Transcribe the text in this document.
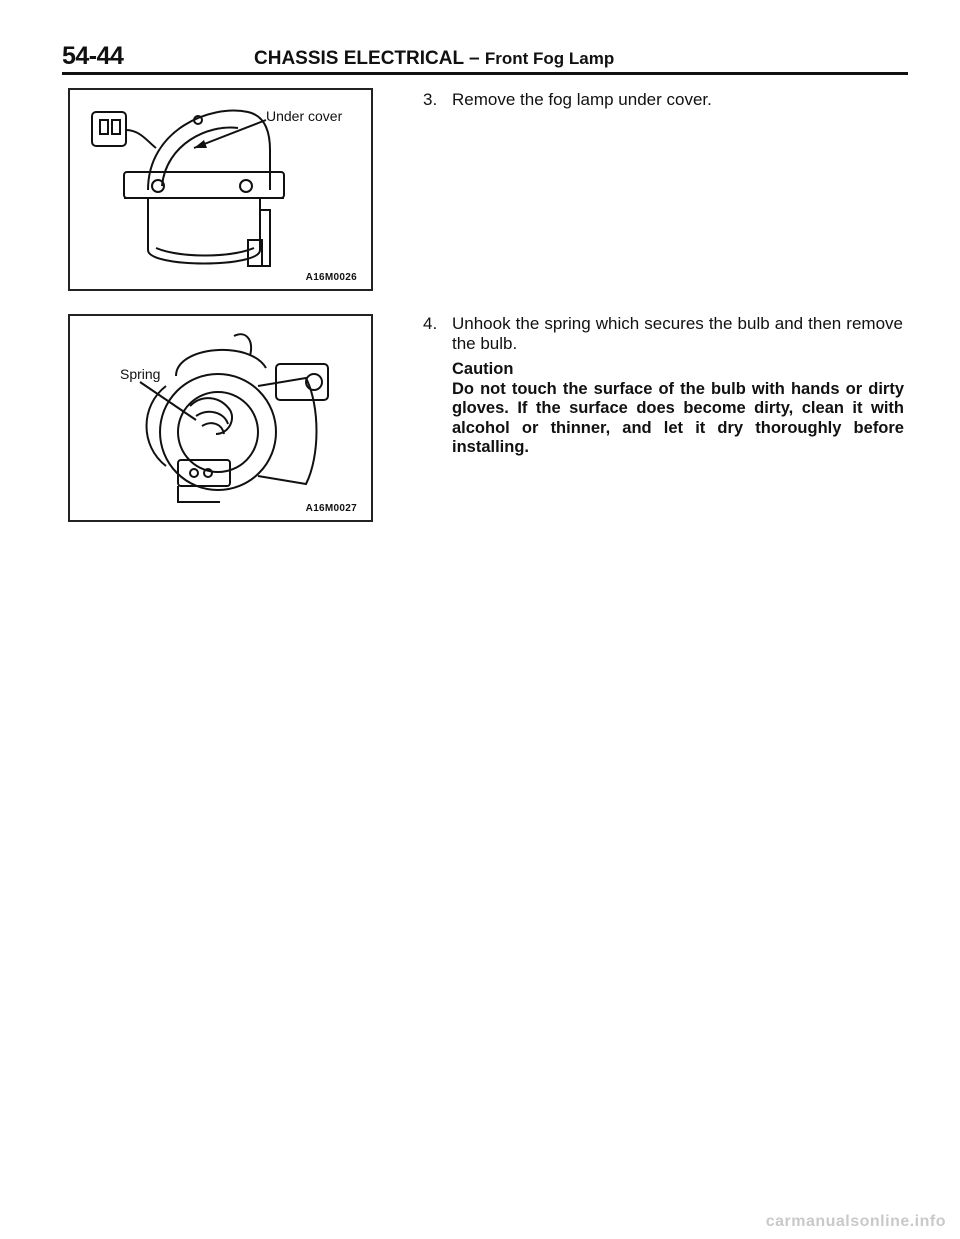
54-44	CHASSIS ELECTRICAL – Front Fog Lamp
Under cover
A16M0026
Spring
A16M0027
3. Remove the fog lamp under cover.
4. Unhook the spring which secures the bulb and then remove the bulb.
Caution
Do not touch the surface of the bulb with hands or dirty gloves. If the surface does become dirty, clean it with alcohol or thinner, and let it dry thoroughly before installing.
carmanualsonline.info
